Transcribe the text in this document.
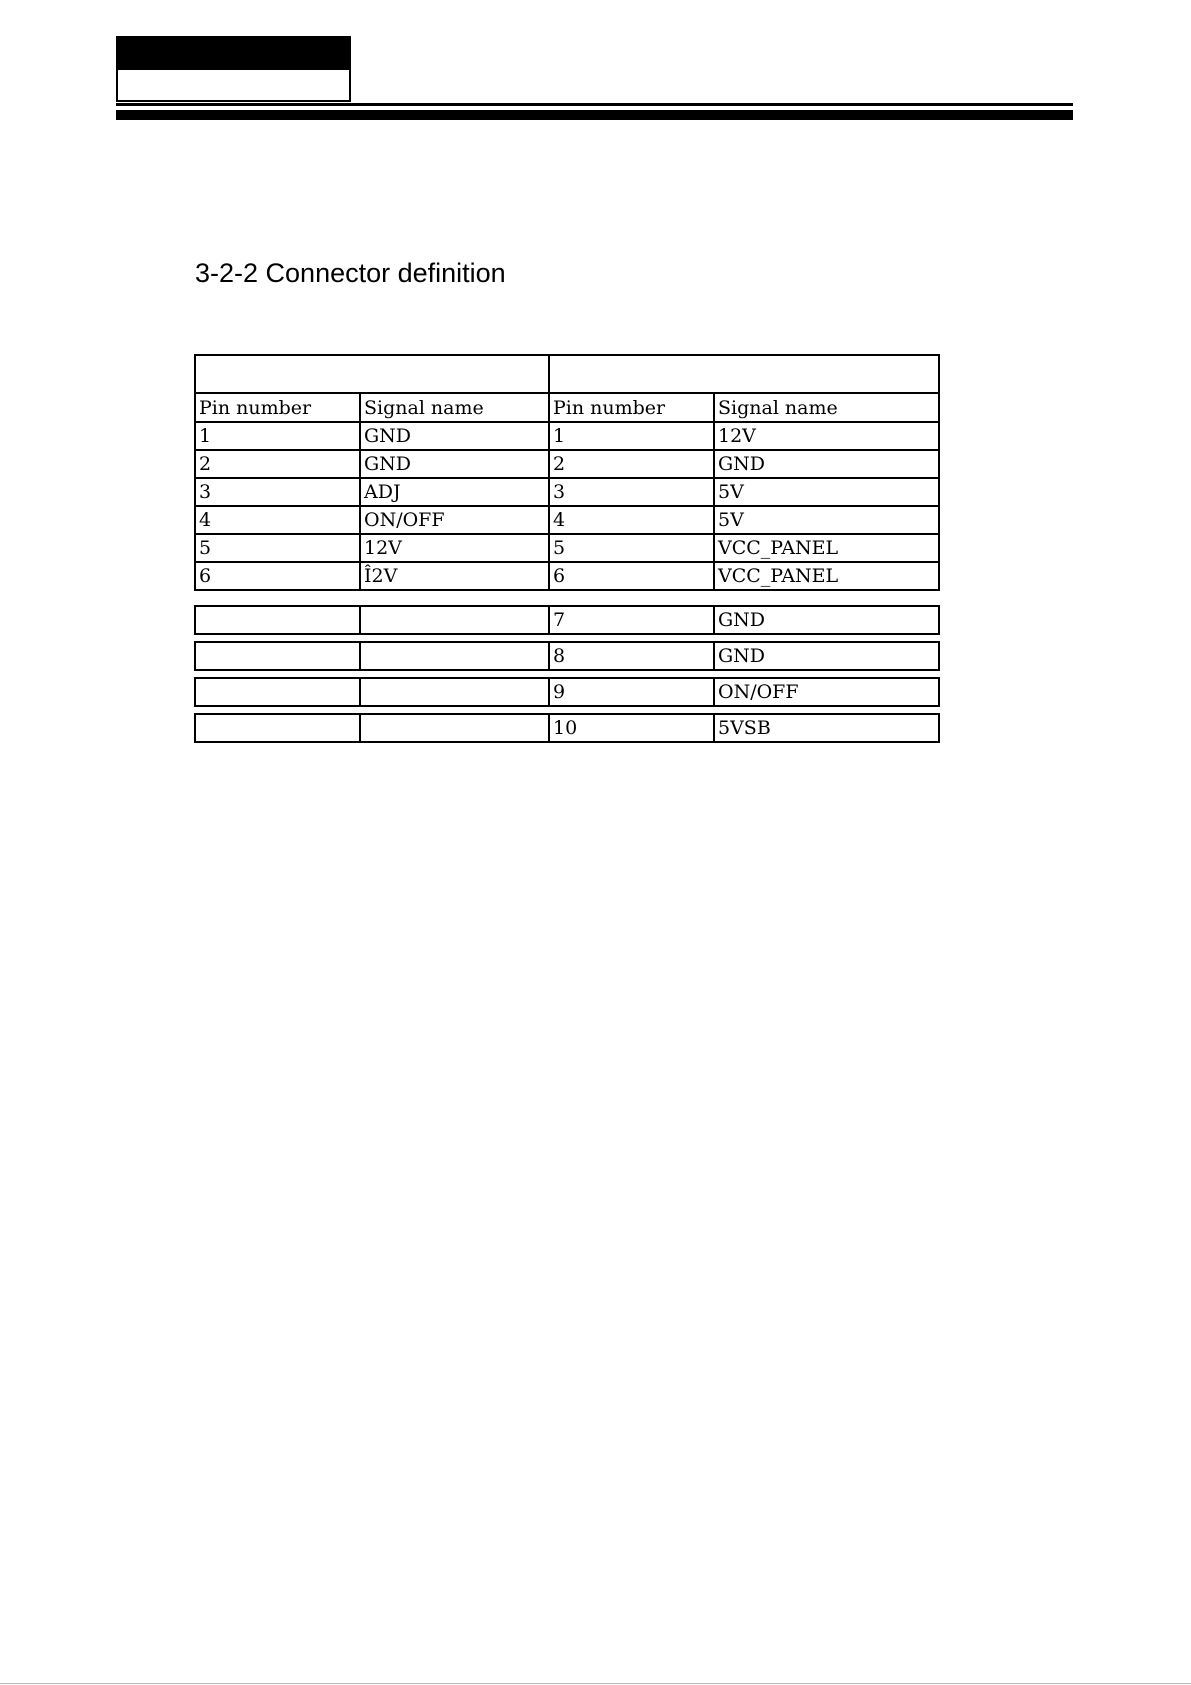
3-2-2 Connector definition

Pin number	Signal name	Pin number	Signal name
1	GND	1	12V
2	GND	2	GND
3	ADJ	3	5V
4	ON/OFF	4	5V
5	12V	5	VCC_PANEL
6	Î2V	6	VCC_PANEL
		7	GND
		8	GND
		9	ON/OFF
		10	5VSB
